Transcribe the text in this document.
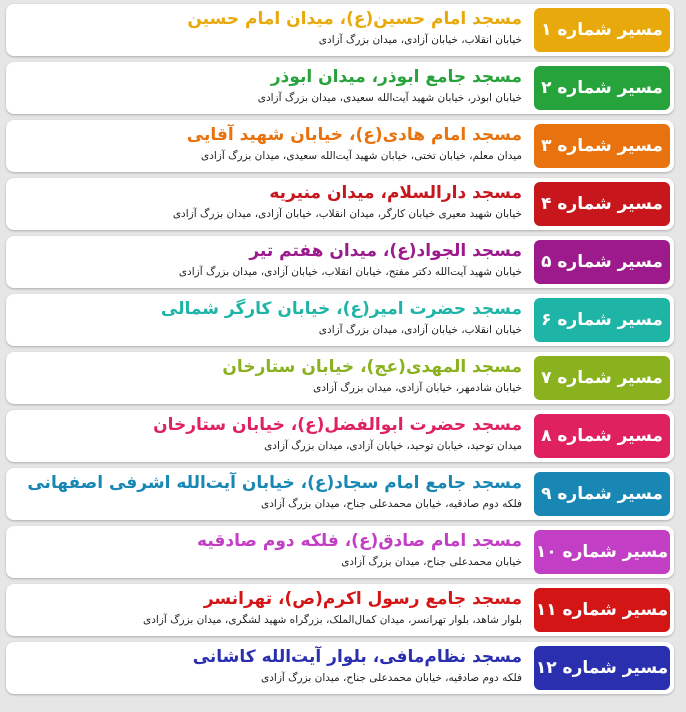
مسیر شماره ۱
مسجد امام حسین(ع)، میدان امام حسین
خیابان انقلاب، خیابان آزادی، میدان بزرگ آزادی
مسیر شماره ۲
مسجد جامع ابوذر، میدان ابوذر
خیابان ابوذر، خیابان شهید آیت‌الله سعیدی، میدان بزرگ آزادی
مسیر شماره ۳
مسجد امام هادی(ع)، خیابان شهید آقایی
میدان معلم، خیابان تختی، خیابان شهید آیت‌الله سعیدی، میدان بزرگ آزادی
مسیر شماره ۴
مسجد دارالسلام، میدان منیریه
خیابان شهید معیری خیابان کارگر، میدان انقلاب، خیابان آزادی، میدان بزرگ آزادی
مسیر شماره ۵
مسجد الجواد(ع)، میدان هفتم تیر
خیابان شهید آیت‌الله دکتر مفتح، خیابان انقلاب، خیابان آزادی، میدان بزرگ آزادی
مسیر شماره ۶
مسجد حضرت امیر(ع)، خیابان کارگر شمالی
خیابان انقلاب، خیابان آزادی، میدان بزرگ آزادی
مسیر شماره ۷
مسجد المهدی(عج)، خیابان ستارخان
خیابان شادمهر، خیابان آزادی، میدان بزرگ آزادی
مسیر شماره ۸
مسجد حضرت ابوالفضل(ع)، خیابان ستارخان
میدان توحید، خیابان توحید، خیابان آزادی، میدان بزرگ آزادی
مسیر شماره ۹
مسجد جامع امام سجاد(ع)، خیابان آیت‌الله اشرفی اصفهانی
فلکه دوم صادقیه، خیابان محمدعلی جناح، میدان بزرگ آزادی
مسیر شماره ۱۰
مسجد امام صادق(ع)، فلکه دوم صادقیه
خیابان محمدعلی جناح، میدان بزرگ آزادی
مسیر شماره ۱۱
مسجد جامع رسول اکرم(ص)، تهرانسر
بلوار شاهد، بلوار تهرانسر، میدان کمال‌الملک، بزرگراه شهید لشگری، میدان بزرگ آزادی
مسیر شماره ۱۲
مسجد نظام‌مافی، بلوار آیت‌الله کاشانی
فلکه دوم صادقیه، خیابان محمدعلی جناح، میدان بزرگ آزادی
